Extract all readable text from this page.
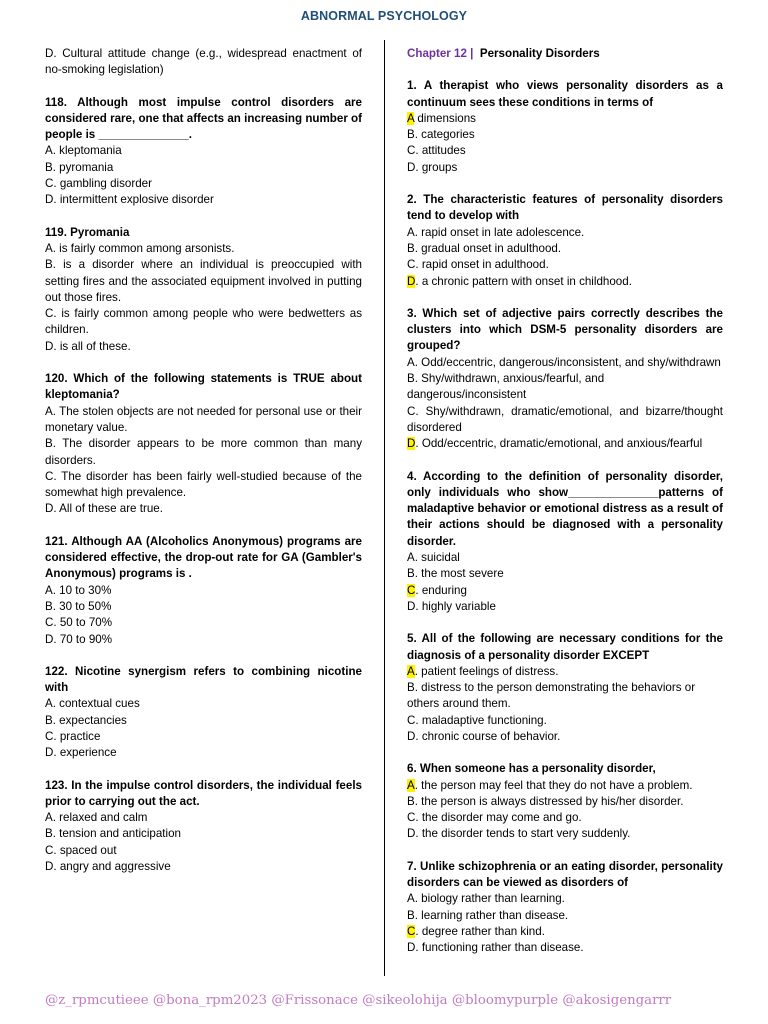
ABNORMAL PSYCHOLOGY
D. Cultural attitude change (e.g., widespread enactment of no-smoking legislation)
118. Although most impulse control disorders are considered rare, one that affects an increasing number of people is ______________.
A. kleptomania
B. pyromania
C. gambling disorder
D. intermittent explosive disorder
119. Pyromania
A. is fairly common among arsonists.
B. is a disorder where an individual is preoccupied with setting fires and the associated equipment involved in putting out those fires.
C. is fairly common among people who were bedwetters as children.
D. is all of these.
120. Which of the following statements is TRUE about kleptomania?
A. The stolen objects are not needed for personal use or their monetary value.
B. The disorder appears to be more common than many disorders.
C. The disorder has been fairly well-studied because of the somewhat high prevalence.
D. All of these are true.
121. Although AA (Alcoholics Anonymous) programs are considered effective, the drop-out rate for GA (Gambler's Anonymous) programs is .
A. 10 to 30%
B. 30 to 50%
C. 50 to 70%
D. 70 to 90%
122. Nicotine synergism refers to combining nicotine with
A. contextual cues
B. expectancies
C. practice
D. experience
123. In the impulse control disorders, the individual feels prior to carrying out the act.
A. relaxed and calm
B. tension and anticipation
C. spaced out
D. angry and aggressive
Chapter 12 | Personality Disorders
1. A therapist who views personality disorders as a continuum sees these conditions in terms of
A dimensions
B. categories
C. attitudes
D. groups
2. The characteristic features of personality disorders tend to develop with
A. rapid onset in late adolescence.
B. gradual onset in adulthood.
C. rapid onset in adulthood.
D. a chronic pattern with onset in childhood.
3. Which set of adjective pairs correctly describes the clusters into which DSM-5 personality disorders are grouped?
A. Odd/eccentric, dangerous/inconsistent, and shy/withdrawn
B. Shy/withdrawn, anxious/fearful, and dangerous/inconsistent
C. Shy/withdrawn, dramatic/emotional, and bizarre/thought disordered
D. Odd/eccentric, dramatic/emotional, and anxious/fearful
4. According to the definition of personality disorder, only individuals who show______________patterns of maladaptive behavior or emotional distress as a result of their actions should be diagnosed with a personality disorder.
A. suicidal
B. the most severe
C. enduring
D. highly variable
5. All of the following are necessary conditions for the diagnosis of a personality disorder EXCEPT
A. patient feelings of distress.
B. distress to the person demonstrating the behaviors or others around them.
C. maladaptive functioning.
D. chronic course of behavior.
6. When someone has a personality disorder,
A. the person may feel that they do not have a problem.
B. the person is always distressed by his/her disorder.
C. the disorder may come and go.
D. the disorder tends to start very suddenly.
7. Unlike schizophrenia or an eating disorder, personality disorders can be viewed as disorders of
A. biology rather than learning.
B. learning rather than disease.
C. degree rather than kind.
D. functioning rather than disease.
@z_rpmcutieee @bona_rpm2023 @Frissonace @sikeolohija @bloomypurple @akosigengarrr
